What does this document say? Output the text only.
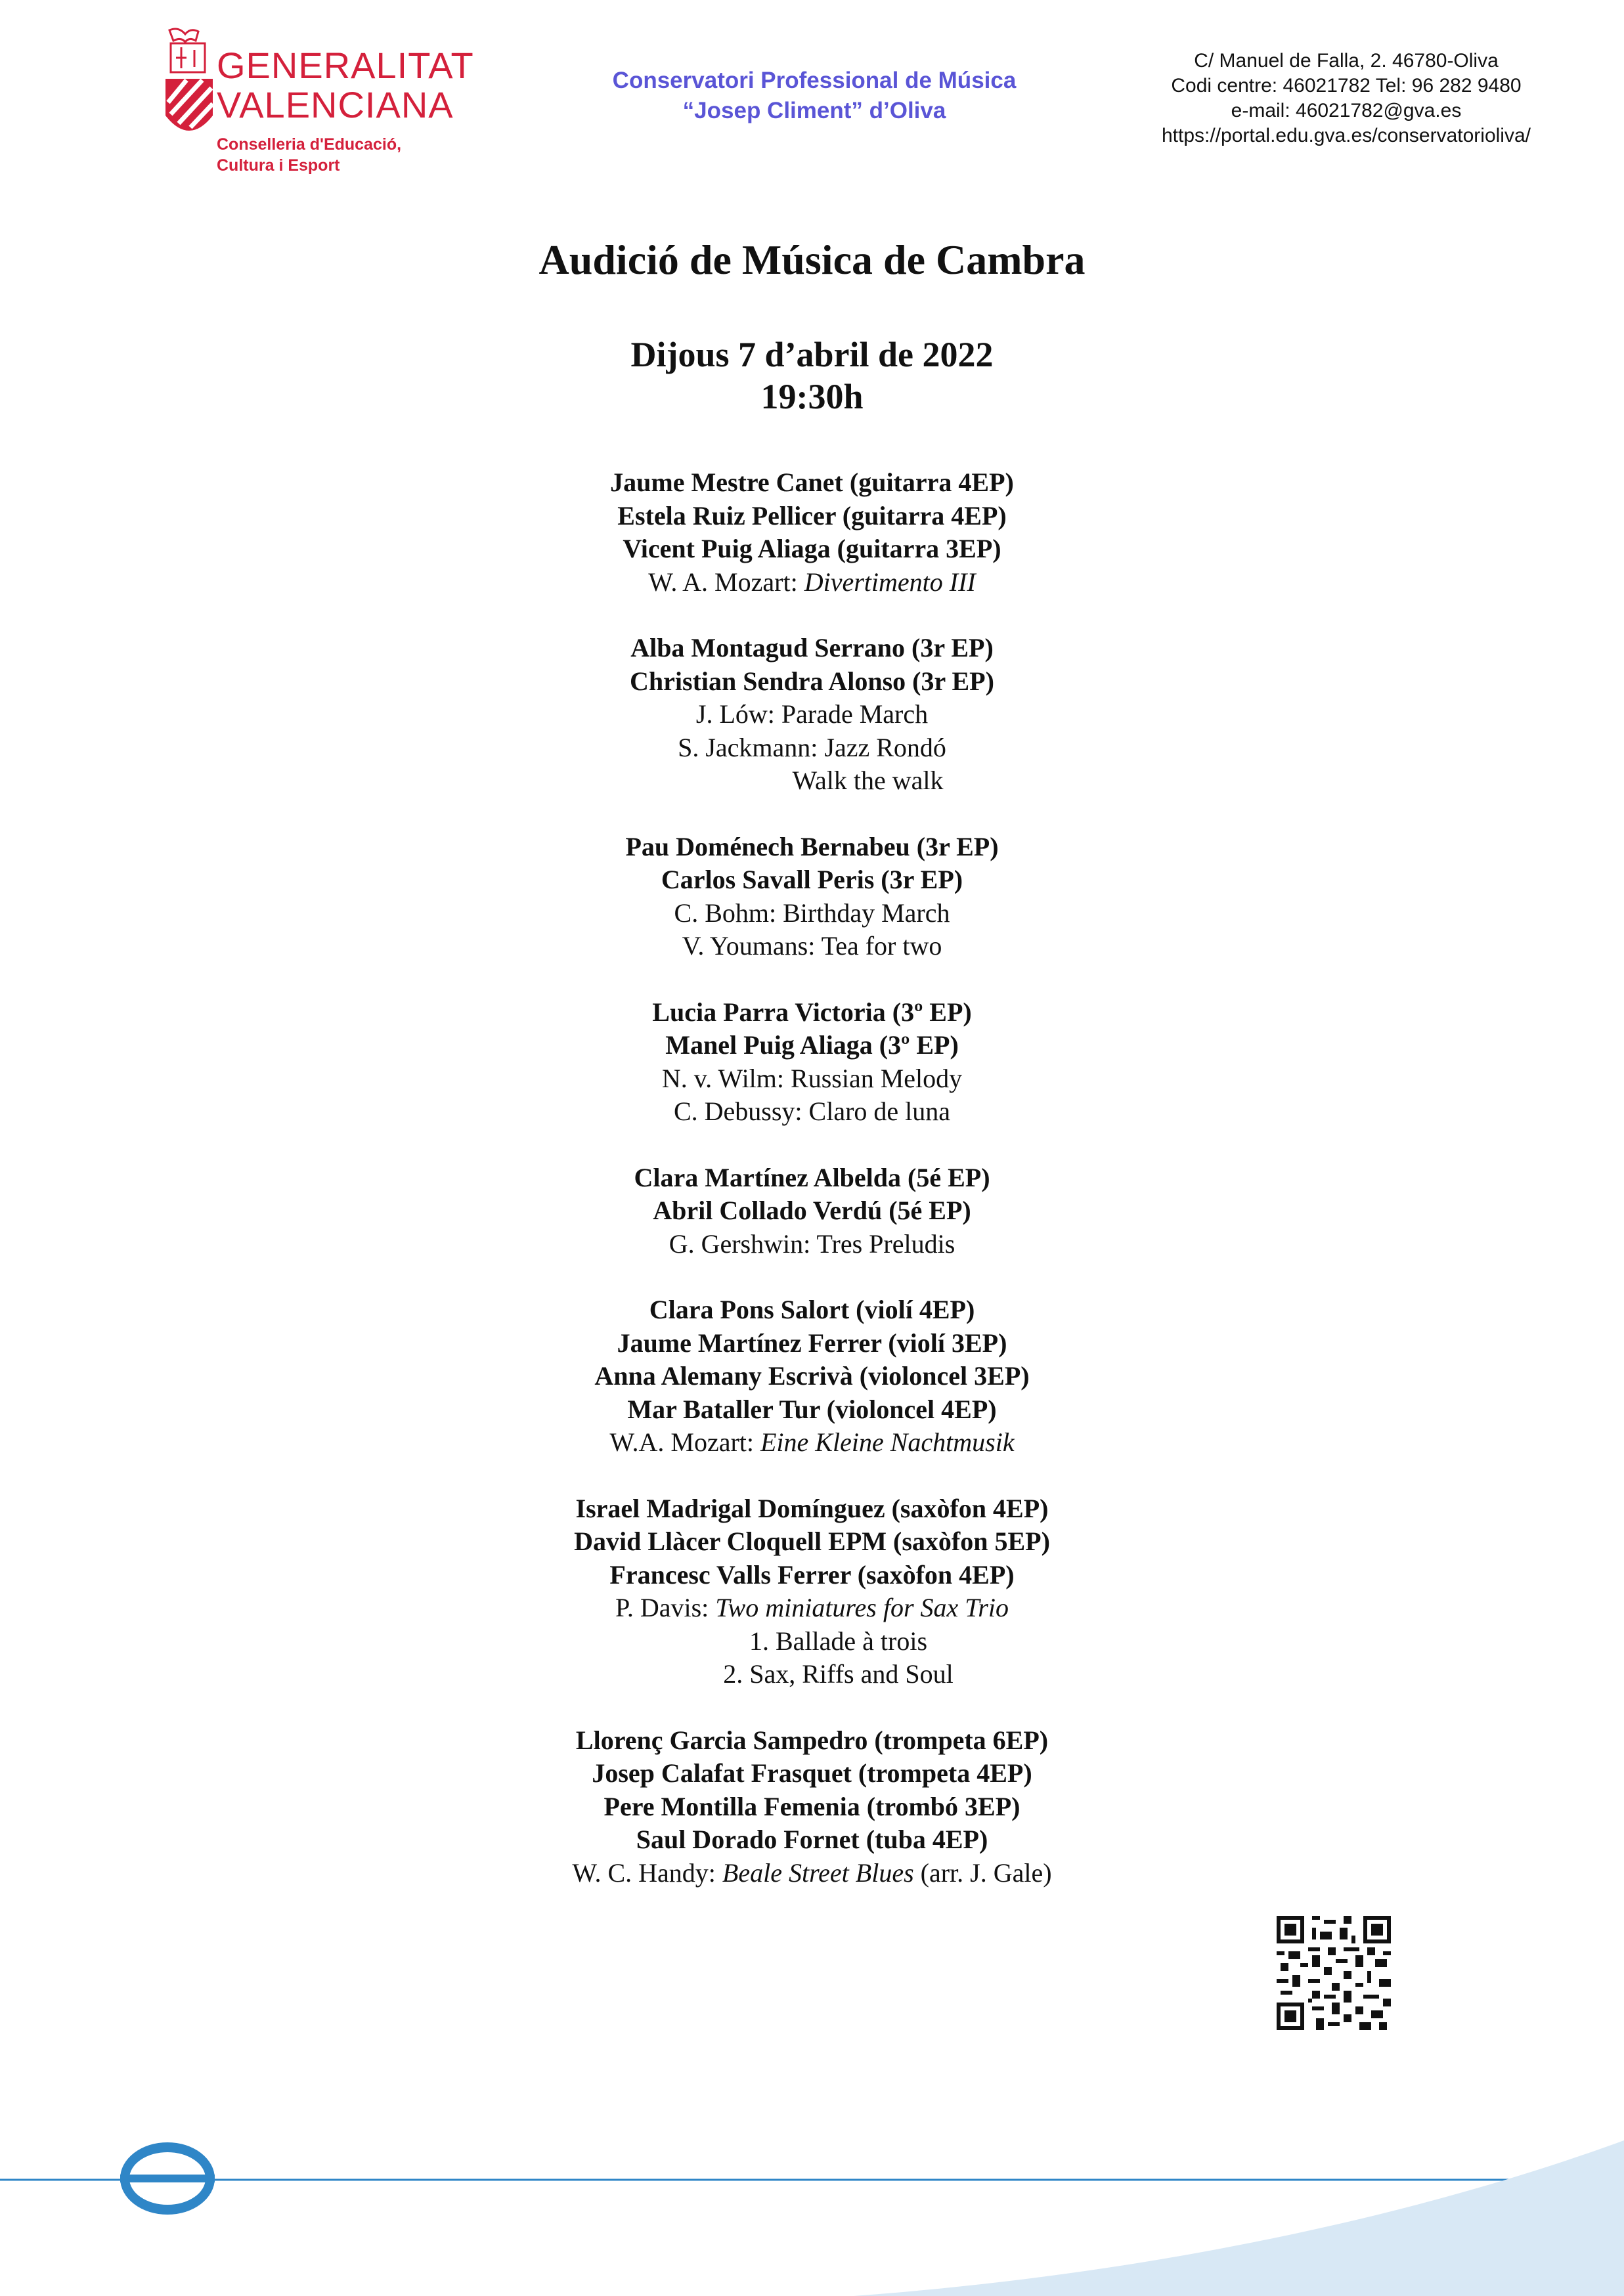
GENERALITAT
VALENCIANA
Conselleria d'Educació,
Cultura i Esport
Conservatori Professional de Música
“Josep Climent” d’Oliva
C/ Manuel de Falla, 2. 46780-Oliva
Codi centre: 46021782 Tel: 96 282 9480
e-mail: 46021782@gva.es
https://portal.edu.gva.es/conservatorioliva/
Audició de Música de Cambra
Dijous 7 d’abril de 2022
19:30h
Jaume Mestre Canet (guitarra 4EP)
Estela Ruiz Pellicer (guitarra 4EP)
Vicent Puig Aliaga (guitarra 3EP)
W. A. Mozart: Divertimento III
Alba Montagud Serrano (3r EP)
Christian Sendra Alonso (3r EP)
J. Lów: Parade March
S. Jackmann: Jazz Rondó
Walk the walk
Pau Doménech Bernabeu (3r EP)
Carlos Savall Peris (3r EP)
C. Bohm: Birthday March
V. Youmans: Tea for two
Lucia Parra Victoria (3º EP)
Manel Puig Aliaga (3º EP)
N. v. Wilm: Russian Melody
C. Debussy: Claro de luna
Clara Martínez Albelda (5é EP)
Abril Collado Verdú (5é EP)
G. Gershwin: Tres Preludis
Clara Pons Salort (violí 4EP)
Jaume Martínez Ferrer (violí 3EP)
Anna Alemany Escrivà (violoncel 3EP)
Mar Bataller Tur (violoncel 4EP)
W.A. Mozart: Eine Kleine Nachtmusik
Israel Madrigal Domínguez (saxòfon 4EP)
David Llàcer Cloquell EPM (saxòfon 5EP)
Francesc Valls Ferrer (saxòfon 4EP)
P. Davis: Two miniatures for Sax Trio
1. Ballade à trois
2. Sax, Riffs and Soul
Llorenç Garcia Sampedro (trompeta 6EP)
Josep Calafat Frasquet (trompeta 4EP)
Pere Montilla Femenia (trombó 3EP)
Saul Dorado Fornet (tuba 4EP)
W. C. Handy: Beale Street Blues (arr. J. Gale)
